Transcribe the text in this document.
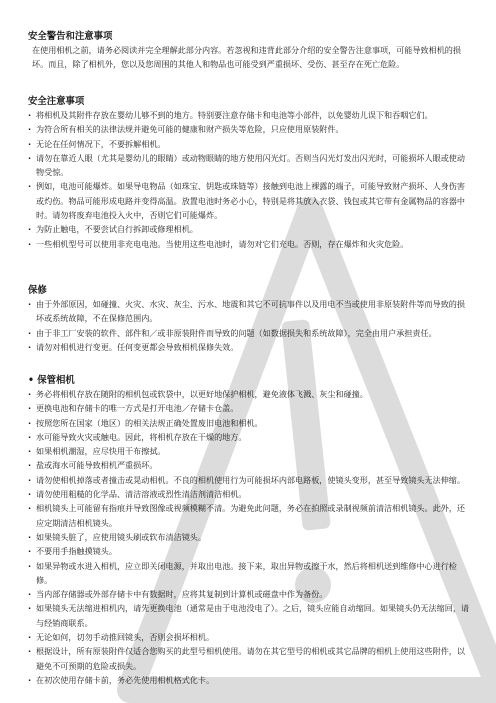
安全警告和注意事项

在使用相机之前，请务必阅读并完全理解此部分内容。若忽视和违背此部分介绍的安全警告注意事项，可能导致相机的损坏。而且，除了相机外，您以及您周围的其他人和物品也可能受到严重损坏、受伤、甚至存在死亡危险。

安全注意事项
· 将相机及其附件存放在婴幼儿够不到的地方。特别要注意存储卡和电池等小部件，以免婴幼儿误下和吞咽它们。
· 为符合所有相关的法律法规并避免可能的健康和财产损失等危险，只应使用原装附件。
· 无论在任何情况下，不要拆解相机。
· 请勿在靠近人眼（尤其是婴幼儿的眼睛）或动物眼睛的地方使用闪光灯。否则当闪光灯发出闪光时，可能损坏人眼或使动物受惊。
· 例如，电池可能爆炸。如果导电物品（如珠宝、钥匙或珠链等）接触到电池上裸露的端子，可能导致财产损坏、人身伤害或灼伤。物品可能形成电路并变得高温。放置电池时务必小心，特别是将其放入衣袋、钱包或其它带有金属物品的容器中时。请勿将废弃电池投入火中，否则它们可能爆炸。
· 为防止触电，不要尝试自行拆卸或修理相机。
· 一些相机型号可以使用非充电电池。当使用这些电池时，请勿对它们充电。否则，存在爆炸和火灾危险。
保修
· 由于外部原因，如碰撞、火灾、水灾、灰尘、污水、地震和其它不可抗事件以及用电不当或使用非原装附件等而导致的损坏或系统故障，不在保修范围内。
· 由于非工厂安装的软件、部件和／或非原装附件而导致的问题（如数据损失和系统故障），完全由用户承担责任。
· 请勿对相机进行变更。任何变更都会导致相机保修失效。
• 保管相机
· 务必将相机存放在随附的相机包或软袋中，以更好地保护相机，避免液体飞溅、灰尘和碰撞。
· 更换电池和存储卡的唯一方式是打开电池／存储卡仓盖。
· 按照您所在国家（地区）的相关法规正确处置废旧电池和相机。
· 水可能导致火灾或触电。因此，将相机存放在干燥的地方。
· 如果相机潮湿，应尽快用干布擦拭。
· 盐或海水可能导致相机严重损坏。
· 请勿使相机掉落或者撞击或晃动相机。不良的相机使用行为可能损坏内部电路板，使镜头变形，甚至导致镜头无法伸缩。
· 请勿使用粗糙的化学品、清洁溶液或烈性清洁剂清洁相机。
· 相机镜头上可能留有指痕并导致图像或视频模糊不清。为避免此问题，务必在拍照或录制视频前清洁相机镜头。此外，还应定期清洁相机镜头。
· 如果镜头脏了，应使用镜头刷或软布清洁镜头。
· 不要用手指触摸镜头。
· 如果异物或水进入相机，应立即关闭电源，并取出电池。接下来，取出异物或擦干水，然后将相机送到维修中心进行检修。
· 当内部存储器或外部存储卡中有数据时，应将其复制到计算机或磁盘中作为备份。
· 如果镜头无法缩进相机内，请先更换电池（通常是由于电池没电了）。之后，镜头应能自动缩回。如果镜头仍无法缩回，请与经销商联系。
· 无论如何，切勿手动推回镜头，否则会损坏相机。
· 根据设计，所有原装附件仅适合您购买的此型号相机使用。请勿在其它型号的相机或其它品牌的相机上使用这些附件，以避免不可预期的危险或损失。
· 在初次使用存储卡前，务必先使用相机格式化卡。
